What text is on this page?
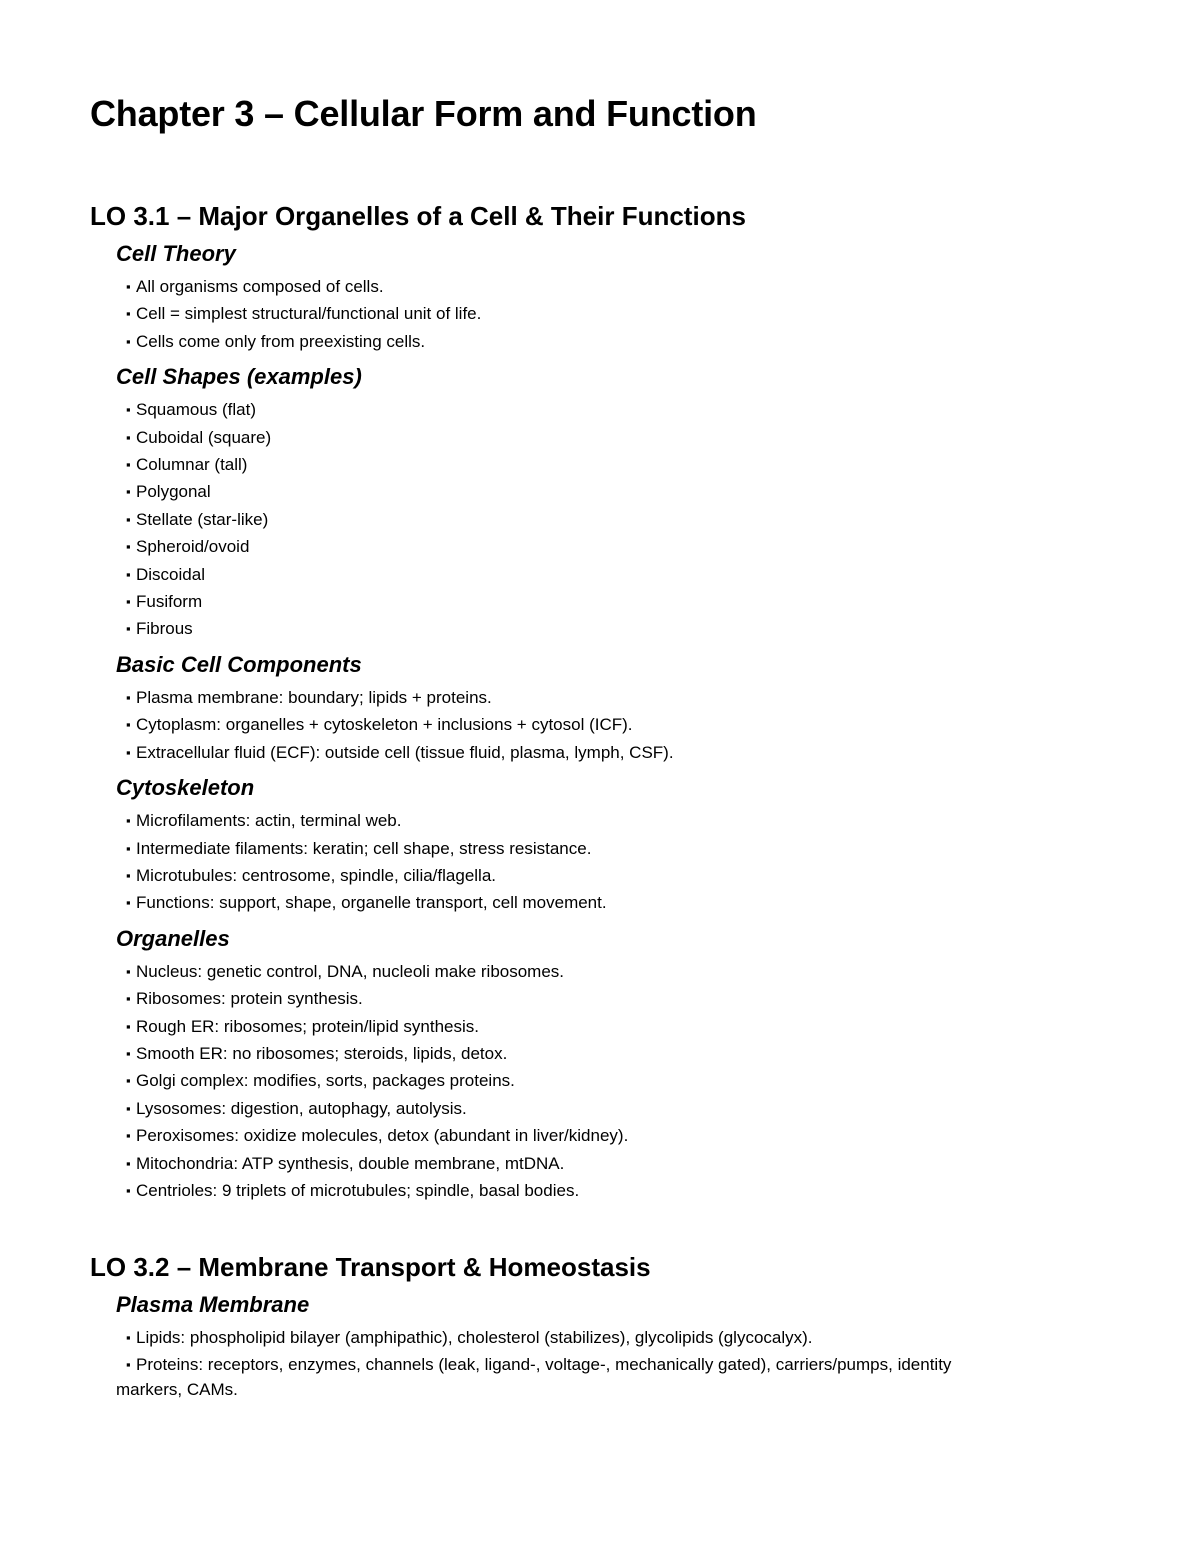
Chapter 3 – Cellular Form and Function
LO 3.1 – Major Organelles of a Cell & Their Functions
Cell Theory
▪ All organisms composed of cells.
▪ Cell = simplest structural/functional unit of life.
▪ Cells come only from preexisting cells.
Cell Shapes (examples)
▪ Squamous (flat)
▪ Cuboidal (square)
▪ Columnar (tall)
▪ Polygonal
▪ Stellate (star-like)
▪ Spheroid/ovoid
▪ Discoidal
▪ Fusiform
▪ Fibrous
Basic Cell Components
▪ Plasma membrane: boundary; lipids + proteins.
▪ Cytoplasm: organelles + cytoskeleton + inclusions + cytosol (ICF).
▪ Extracellular fluid (ECF): outside cell (tissue fluid, plasma, lymph, CSF).
Cytoskeleton
▪ Microfilaments: actin, terminal web.
▪ Intermediate filaments: keratin; cell shape, stress resistance.
▪ Microtubules: centrosome, spindle, cilia/flagella.
▪ Functions: support, shape, organelle transport, cell movement.
Organelles
▪ Nucleus: genetic control, DNA, nucleoli make ribosomes.
▪ Ribosomes: protein synthesis.
▪ Rough ER: ribosomes; protein/lipid synthesis.
▪ Smooth ER: no ribosomes; steroids, lipids, detox.
▪ Golgi complex: modifies, sorts, packages proteins.
▪ Lysosomes: digestion, autophagy, autolysis.
▪ Peroxisomes: oxidize molecules, detox (abundant in liver/kidney).
▪ Mitochondria: ATP synthesis, double membrane, mtDNA.
▪ Centrioles: 9 triplets of microtubules; spindle, basal bodies.
LO 3.2 – Membrane Transport & Homeostasis
Plasma Membrane
▪ Lipids: phospholipid bilayer (amphipathic), cholesterol (stabilizes), glycolipids (glycocalyx).
▪ Proteins: receptors, enzymes, channels (leak, ligand-, voltage-, mechanically gated), carriers/pumps, identity
markers, CAMs.
